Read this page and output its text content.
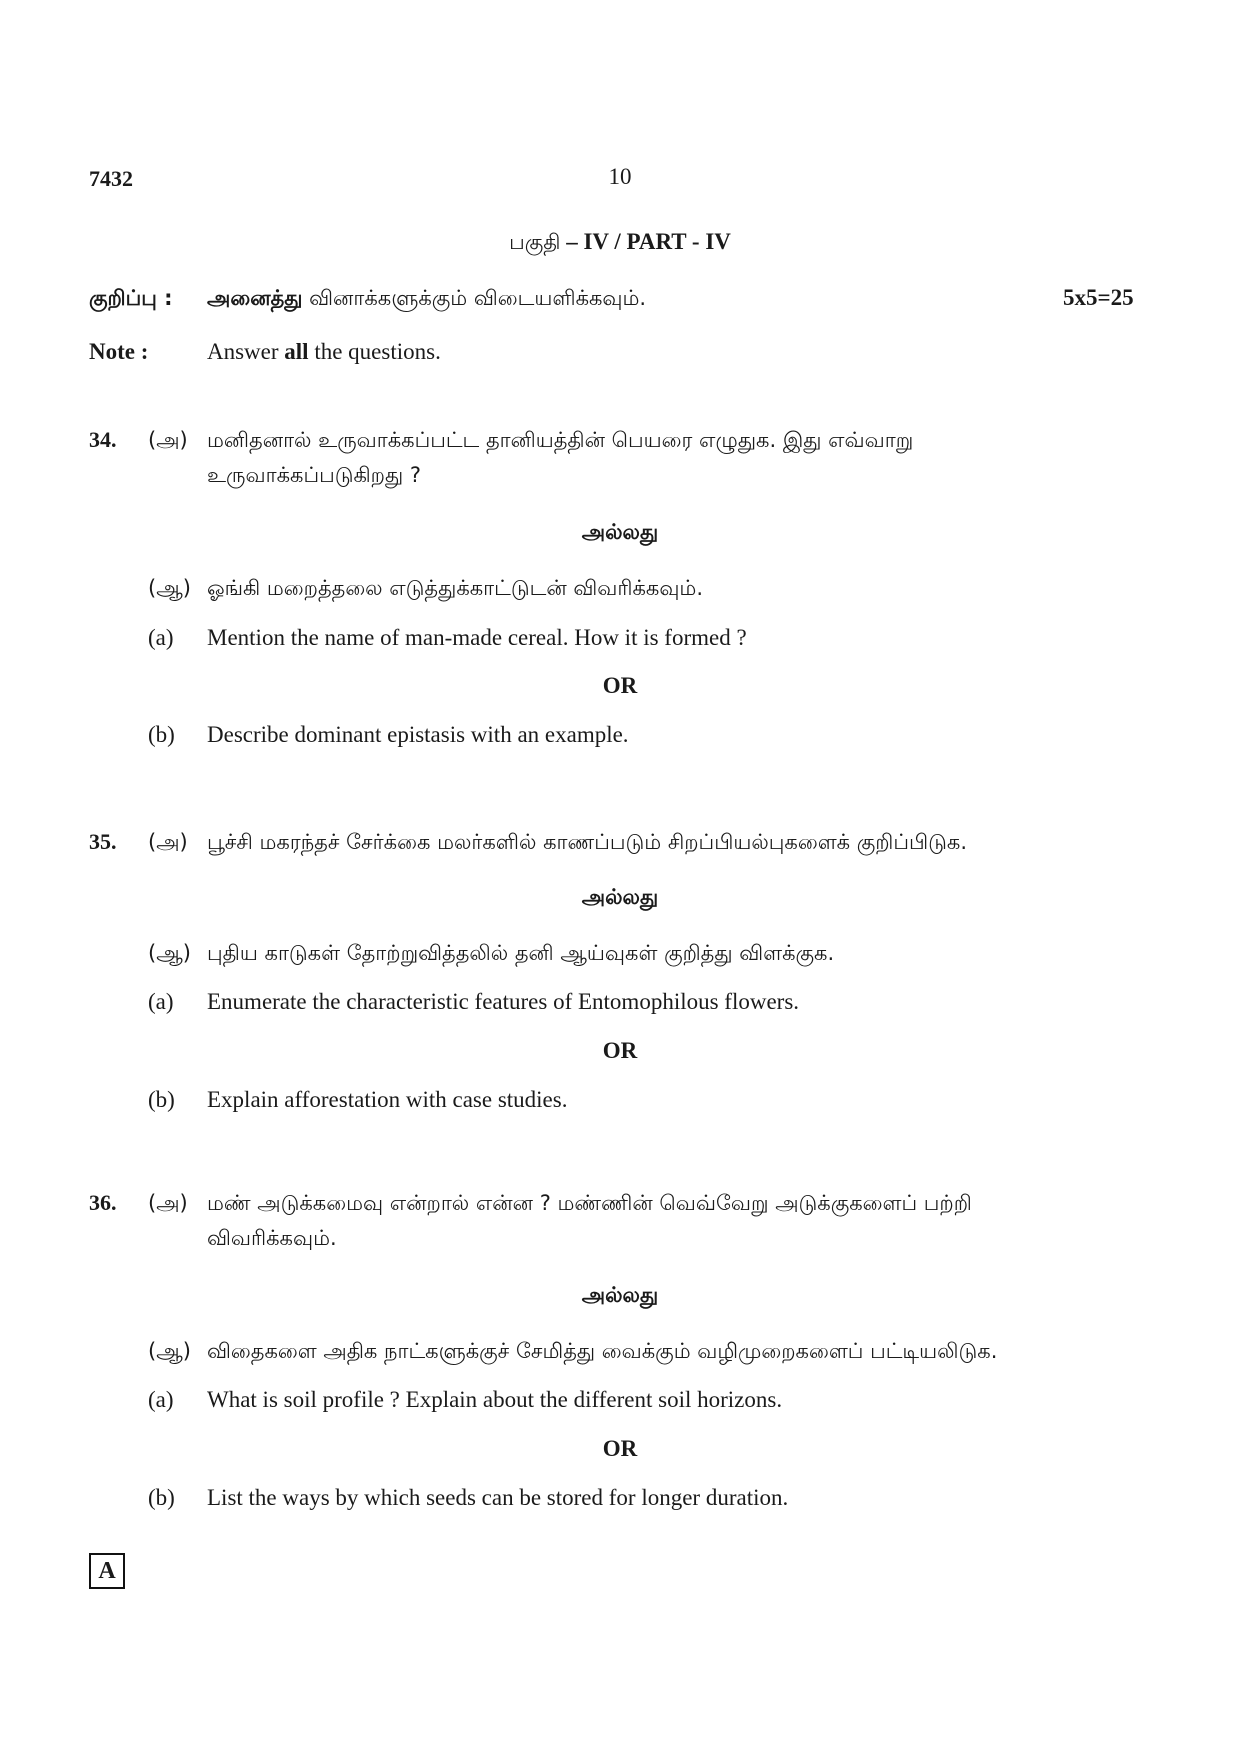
7432	10
பகுதி – IV / PART - IV
குறிப்பு : அனைத்து வினாக்களுக்கும் விடையளிக்கவும்.	5x5=25
Note :	Answer all the questions.
34. (அ) மனிதனால் உருவாக்கப்பட்ட தானியத்தின் பெயரை எழுதுக. இது எவ்வாறு
உருவாக்கப்படுகிறது ?
அல்லது
(ஆ) ஓங்கி மறைத்தலை எடுத்துக்காட்டுடன் விவரிக்கவும்.
(a) Mention the name of man-made cereal. How it is formed ?
OR
(b) Describe dominant epistasis with an example.
35. (அ) பூச்சி மகரந்தச் சேர்க்கை மலர்களில் காணப்படும் சிறப்பியல்புகளைக் குறிப்பிடுக.
அல்லது
(ஆ) புதிய காடுகள் தோற்றுவித்தலில் தனி ஆய்வுகள் குறித்து விளக்குக.
(a) Enumerate the characteristic features of Entomophilous flowers.
OR
(b) Explain afforestation with case studies.
36. (அ) மண் அடுக்கமைவு என்றால் என்ன ? மண்ணின் வெவ்வேறு அடுக்குகளைப் பற்றி
விவரிக்கவும்.
அல்லது
(ஆ) விதைகளை அதிக நாட்களுக்குச் சேமித்து வைக்கும் வழிமுறைகளைப் பட்டியலிடுக.
(a) What is soil profile ? Explain about the different soil horizons.
OR
(b) List the ways by which seeds can be stored for longer duration.
A
